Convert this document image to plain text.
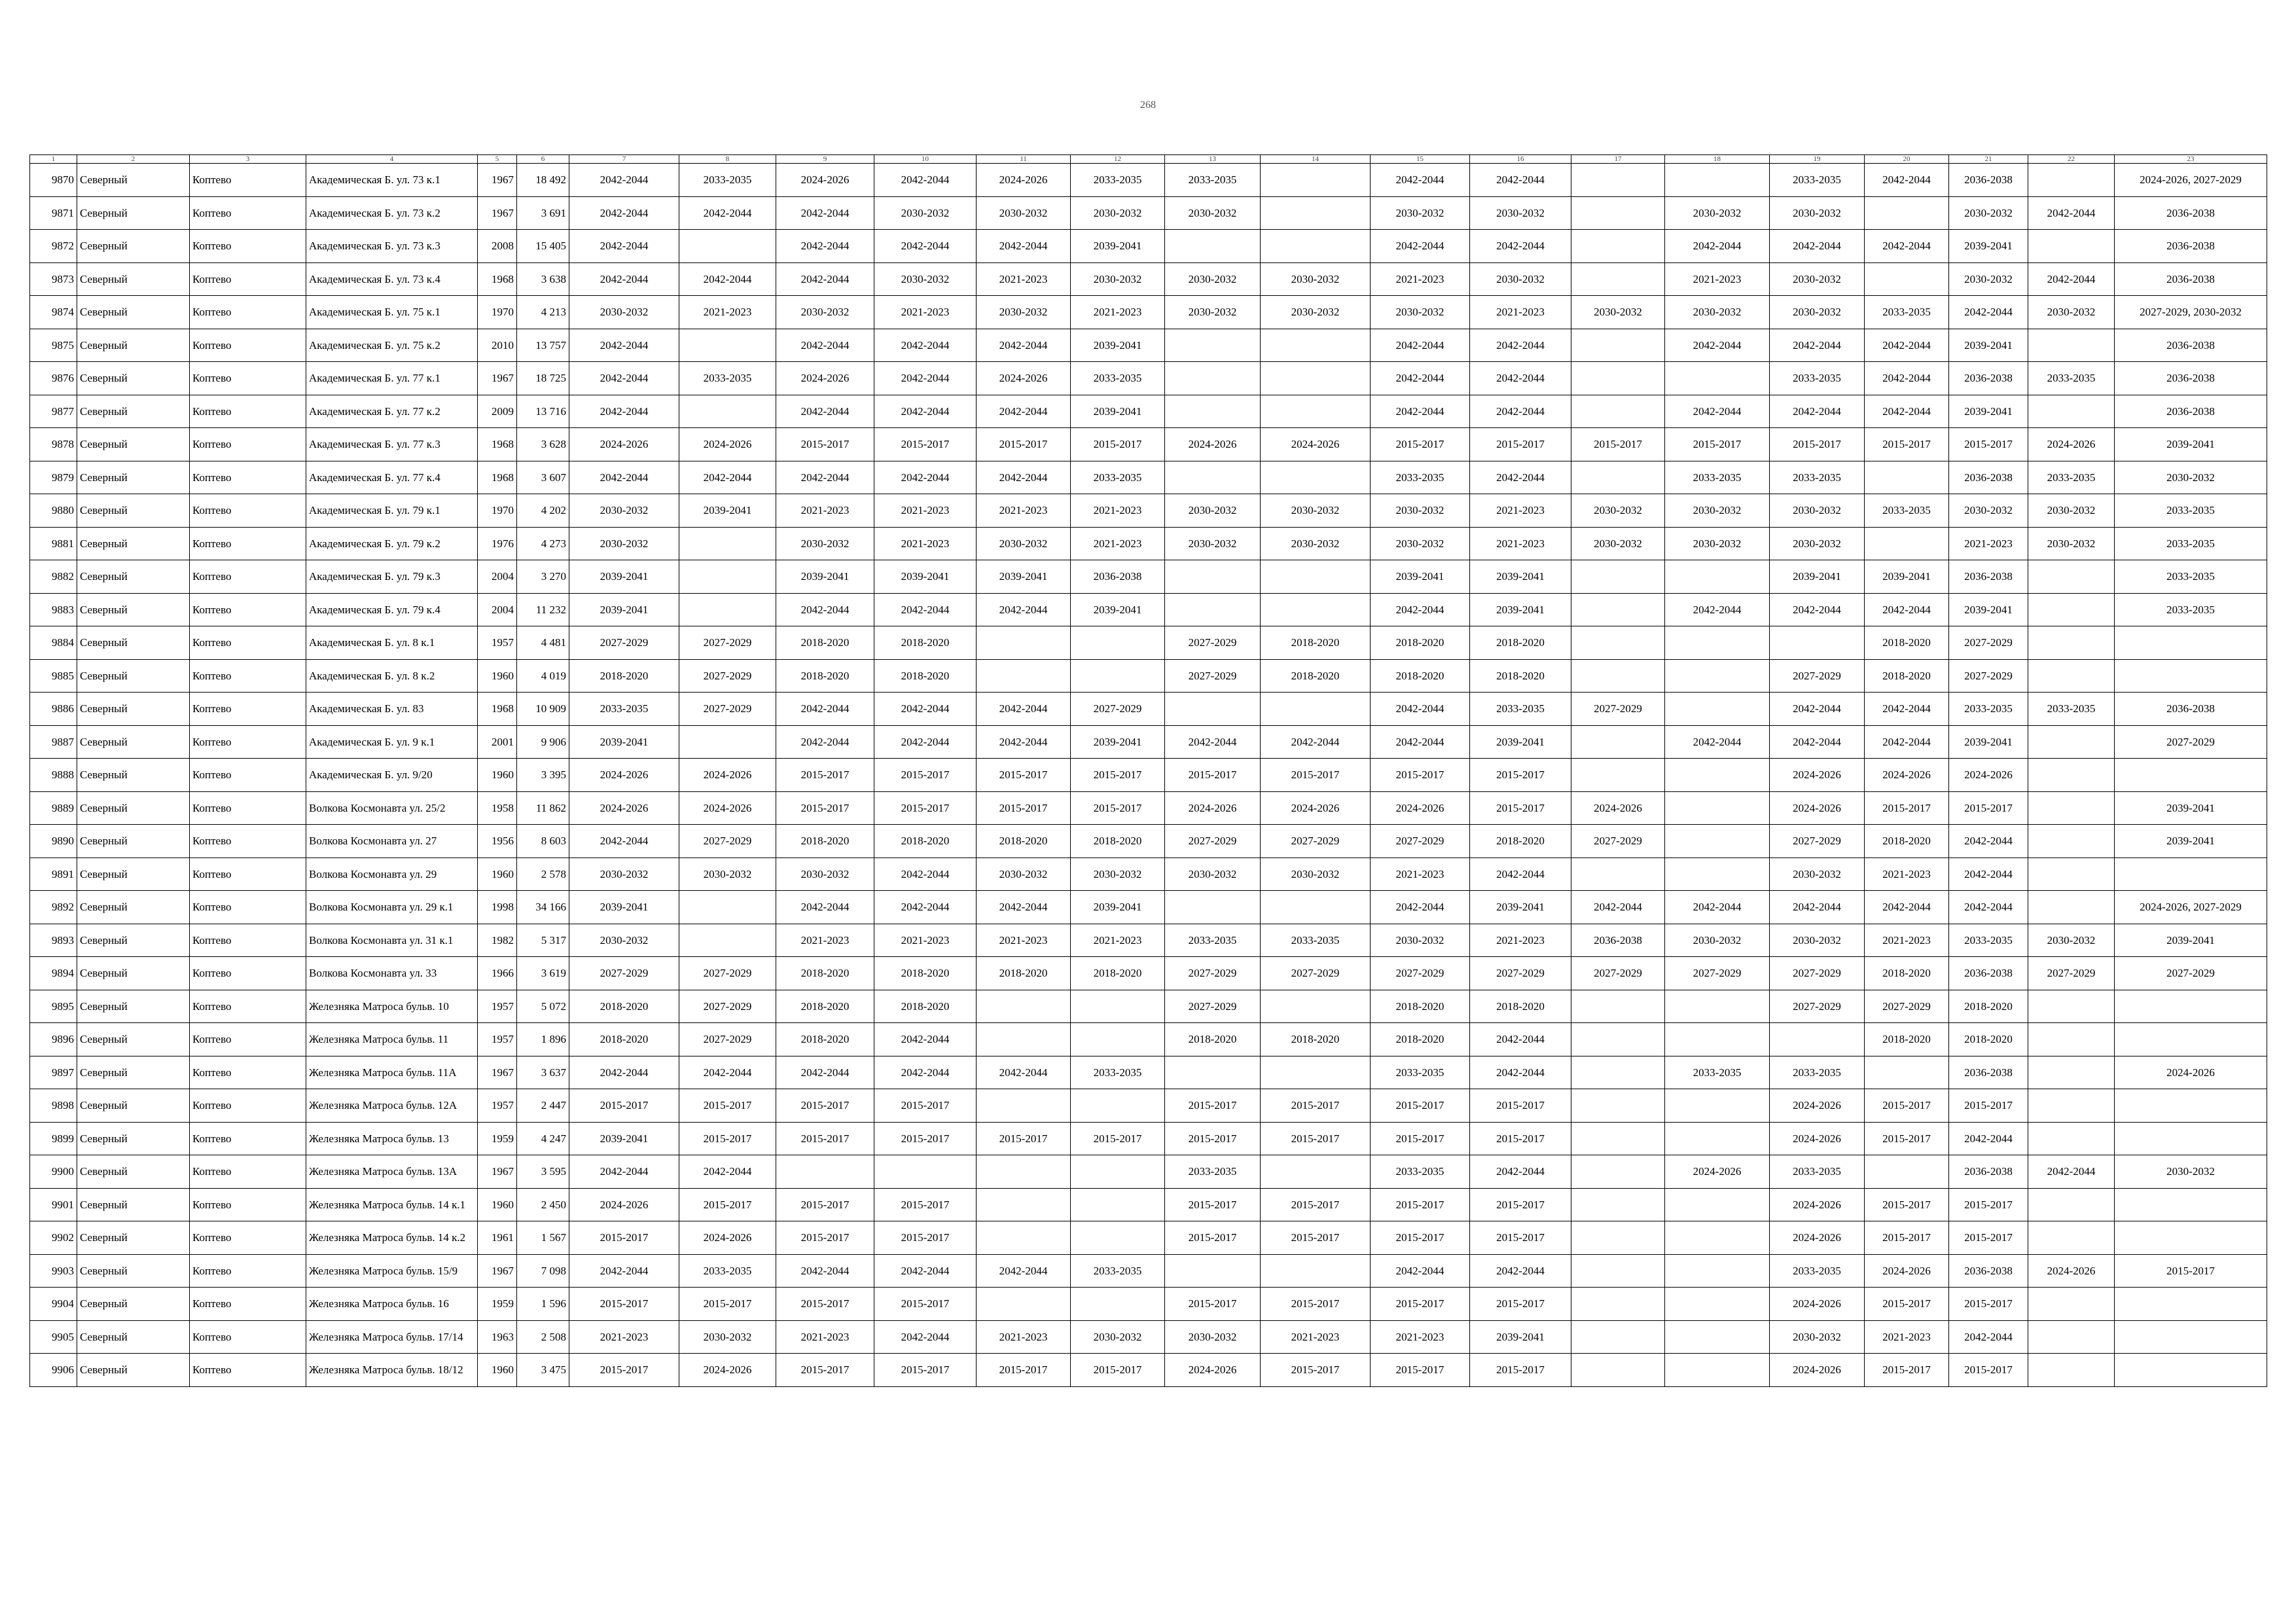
268
1	2	3	4	5	6	7	8	9	10	11	12	13	14	15	16	17	18	19	20	21	22	23
9870	Северный	Коптево	Академическая Б. ул. 73 к.1	1967	18 492	2042-2044	2033-2035	2024-2026	2042-2044	2024-2026	2033-2035	2033-2035		2042-2044	2042-2044			2033-2035	2042-2044	2036-2038		2024-2026, 2027-2029
9871	Северный	Коптево	Академическая Б. ул. 73 к.2	1967	3 691	2042-2044	2042-2044	2042-2044	2030-2032	2030-2032	2030-2032	2030-2032		2030-2032	2030-2032		2030-2032	2030-2032		2030-2032	2042-2044	2036-2038
9872	Северный	Коптево	Академическая Б. ул. 73 к.3	2008	15 405	2042-2044		2042-2044	2042-2044	2042-2044	2039-2041			2042-2044	2042-2044		2042-2044	2042-2044	2042-2044	2039-2041		2036-2038
9873	Северный	Коптево	Академическая Б. ул. 73 к.4	1968	3 638	2042-2044	2042-2044	2042-2044	2030-2032	2021-2023	2030-2032	2030-2032	2030-2032	2021-2023	2030-2032		2021-2023	2030-2032		2030-2032	2042-2044	2036-2038
9874	Северный	Коптево	Академическая Б. ул. 75 к.1	1970	4 213	2030-2032	2021-2023	2030-2032	2021-2023	2030-2032	2021-2023	2030-2032	2030-2032	2030-2032	2021-2023	2030-2032	2030-2032	2030-2032	2033-2035	2042-2044	2030-2032	2027-2029, 2030-2032
9875	Северный	Коптево	Академическая Б. ул. 75 к.2	2010	13 757	2042-2044		2042-2044	2042-2044	2042-2044	2039-2041			2042-2044	2042-2044		2042-2044	2042-2044	2042-2044	2039-2041		2036-2038
9876	Северный	Коптево	Академическая Б. ул. 77 к.1	1967	18 725	2042-2044	2033-2035	2024-2026	2042-2044	2024-2026	2033-2035			2042-2044	2042-2044			2033-2035	2042-2044	2036-2038	2033-2035	2036-2038
9877	Северный	Коптево	Академическая Б. ул. 77 к.2	2009	13 716	2042-2044		2042-2044	2042-2044	2042-2044	2039-2041			2042-2044	2042-2044		2042-2044	2042-2044	2042-2044	2039-2041		2036-2038
9878	Северный	Коптево	Академическая Б. ул. 77 к.3	1968	3 628	2024-2026	2024-2026	2015-2017	2015-2017	2015-2017	2015-2017	2024-2026	2024-2026	2015-2017	2015-2017	2015-2017	2015-2017	2015-2017	2015-2017	2015-2017	2024-2026	2039-2041
9879	Северный	Коптево	Академическая Б. ул. 77 к.4	1968	3 607	2042-2044	2042-2044	2042-2044	2042-2044	2042-2044	2033-2035			2033-2035	2042-2044		2033-2035	2033-2035		2036-2038	2033-2035	2030-2032
9880	Северный	Коптево	Академическая Б. ул. 79 к.1	1970	4 202	2030-2032	2039-2041	2021-2023	2021-2023	2021-2023	2021-2023	2030-2032	2030-2032	2030-2032	2021-2023	2030-2032	2030-2032	2030-2032	2033-2035	2030-2032	2030-2032	2033-2035
9881	Северный	Коптево	Академическая Б. ул. 79 к.2	1976	4 273	2030-2032		2030-2032	2021-2023	2030-2032	2021-2023	2030-2032	2030-2032	2030-2032	2021-2023	2030-2032	2030-2032	2030-2032		2021-2023	2030-2032	2033-2035
9882	Северный	Коптево	Академическая Б. ул. 79 к.3	2004	3 270	2039-2041		2039-2041	2039-2041	2039-2041	2036-2038			2039-2041	2039-2041			2039-2041	2039-2041	2036-2038		2033-2035
9883	Северный	Коптево	Академическая Б. ул. 79 к.4	2004	11 232	2039-2041		2042-2044	2042-2044	2042-2044	2039-2041			2042-2044	2039-2041		2042-2044	2042-2044	2042-2044	2039-2041		2033-2035
9884	Северный	Коптево	Академическая Б. ул. 8 к.1	1957	4 481	2027-2029	2027-2029	2018-2020	2018-2020			2027-2029	2018-2020	2018-2020	2018-2020				2018-2020	2027-2029		
9885	Северный	Коптево	Академическая Б. ул. 8 к.2	1960	4 019	2018-2020	2027-2029	2018-2020	2018-2020			2027-2029	2018-2020	2018-2020	2018-2020			2027-2029	2018-2020	2027-2029		
9886	Северный	Коптево	Академическая Б. ул. 83	1968	10 909	2033-2035	2027-2029	2042-2044	2042-2044	2042-2044	2027-2029			2042-2044	2033-2035	2027-2029		2042-2044	2042-2044	2033-2035	2033-2035	2036-2038
9887	Северный	Коптево	Академическая Б. ул. 9 к.1	2001	9 906	2039-2041		2042-2044	2042-2044	2042-2044	2039-2041	2042-2044	2042-2044	2042-2044	2039-2041		2042-2044	2042-2044	2042-2044	2039-2041		2027-2029
9888	Северный	Коптево	Академическая Б. ул. 9/20	1960	3 395	2024-2026	2024-2026	2015-2017	2015-2017	2015-2017	2015-2017	2015-2017	2015-2017	2015-2017	2015-2017			2024-2026	2024-2026	2024-2026		
9889	Северный	Коптево	Волкова Космонавта ул. 25/2	1958	11 862	2024-2026	2024-2026	2015-2017	2015-2017	2015-2017	2015-2017	2024-2026	2024-2026	2024-2026	2015-2017	2024-2026		2024-2026	2015-2017	2015-2017		2039-2041
9890	Северный	Коптево	Волкова Космонавта ул. 27	1956	8 603	2042-2044	2027-2029	2018-2020	2018-2020	2018-2020	2018-2020	2027-2029	2027-2029	2027-2029	2018-2020	2027-2029		2027-2029	2018-2020	2042-2044		2039-2041
9891	Северный	Коптево	Волкова Космонавта ул. 29	1960	2 578	2030-2032	2030-2032	2030-2032	2042-2044	2030-2032	2030-2032	2030-2032	2030-2032	2021-2023	2042-2044			2030-2032	2021-2023	2042-2044		
9892	Северный	Коптево	Волкова Космонавта ул. 29 к.1	1998	34 166	2039-2041		2042-2044	2042-2044	2042-2044	2039-2041			2042-2044	2039-2041	2042-2044	2042-2044	2042-2044	2042-2044	2042-2044		2024-2026, 2027-2029
9893	Северный	Коптево	Волкова Космонавта ул. 31 к.1	1982	5 317	2030-2032		2021-2023	2021-2023	2021-2023	2021-2023	2033-2035	2033-2035	2030-2032	2021-2023	2036-2038	2030-2032	2030-2032	2021-2023	2033-2035	2030-2032	2039-2041
9894	Северный	Коптево	Волкова Космонавта ул. 33	1966	3 619	2027-2029	2027-2029	2018-2020	2018-2020	2018-2020	2018-2020	2027-2029	2027-2029	2027-2029	2027-2029	2027-2029	2027-2029	2027-2029	2018-2020	2036-2038	2027-2029	2027-2029
9895	Северный	Коптево	Железняка Матроса бульв. 10	1957	5 072	2018-2020	2027-2029	2018-2020	2018-2020			2027-2029		2018-2020	2018-2020			2027-2029	2027-2029	2018-2020		
9896	Северный	Коптево	Железняка Матроса бульв. 11	1957	1 896	2018-2020	2027-2029	2018-2020	2042-2044			2018-2020	2018-2020	2018-2020	2042-2044				2018-2020	2018-2020		
9897	Северный	Коптево	Железняка Матроса бульв. 11А	1967	3 637	2042-2044	2042-2044	2042-2044	2042-2044	2042-2044	2033-2035			2033-2035	2042-2044		2033-2035	2033-2035		2036-2038		2024-2026
9898	Северный	Коптево	Железняка Матроса бульв. 12А	1957	2 447	2015-2017	2015-2017	2015-2017	2015-2017			2015-2017	2015-2017	2015-2017	2015-2017			2024-2026	2015-2017	2015-2017		
9899	Северный	Коптево	Железняка Матроса бульв. 13	1959	4 247	2039-2041	2015-2017	2015-2017	2015-2017	2015-2017	2015-2017	2015-2017	2015-2017	2015-2017	2015-2017			2024-2026	2015-2017	2042-2044		
9900	Северный	Коптево	Железняка Матроса бульв. 13А	1967	3 595	2042-2044	2042-2044					2033-2035		2033-2035	2042-2044		2024-2026	2033-2035		2036-2038	2042-2044	2030-2032
9901	Северный	Коптево	Железняка Матроса бульв. 14 к.1	1960	2 450	2024-2026	2015-2017	2015-2017	2015-2017			2015-2017	2015-2017	2015-2017	2015-2017			2024-2026	2015-2017	2015-2017		
9902	Северный	Коптево	Железняка Матроса бульв. 14 к.2	1961	1 567	2015-2017	2024-2026	2015-2017	2015-2017			2015-2017	2015-2017	2015-2017	2015-2017			2024-2026	2015-2017	2015-2017		
9903	Северный	Коптево	Железняка Матроса бульв. 15/9	1967	7 098	2042-2044	2033-2035	2042-2044	2042-2044	2042-2044	2033-2035			2042-2044	2042-2044			2033-2035	2024-2026	2036-2038	2024-2026	2015-2017
9904	Северный	Коптево	Железняка Матроса бульв. 16	1959	1 596	2015-2017	2015-2017	2015-2017	2015-2017			2015-2017	2015-2017	2015-2017	2015-2017			2024-2026	2015-2017	2015-2017		
9905	Северный	Коптево	Железняка Матроса бульв. 17/14	1963	2 508	2021-2023	2030-2032	2021-2023	2042-2044	2021-2023	2030-2032	2030-2032	2021-2023	2021-2023	2039-2041			2030-2032	2021-2023	2042-2044		
9906	Северный	Коптево	Железняка Матроса бульв. 18/12	1960	3 475	2015-2017	2024-2026	2015-2017	2015-2017	2015-2017	2015-2017	2024-2026	2015-2017	2015-2017	2015-2017			2024-2026	2015-2017	2015-2017		
